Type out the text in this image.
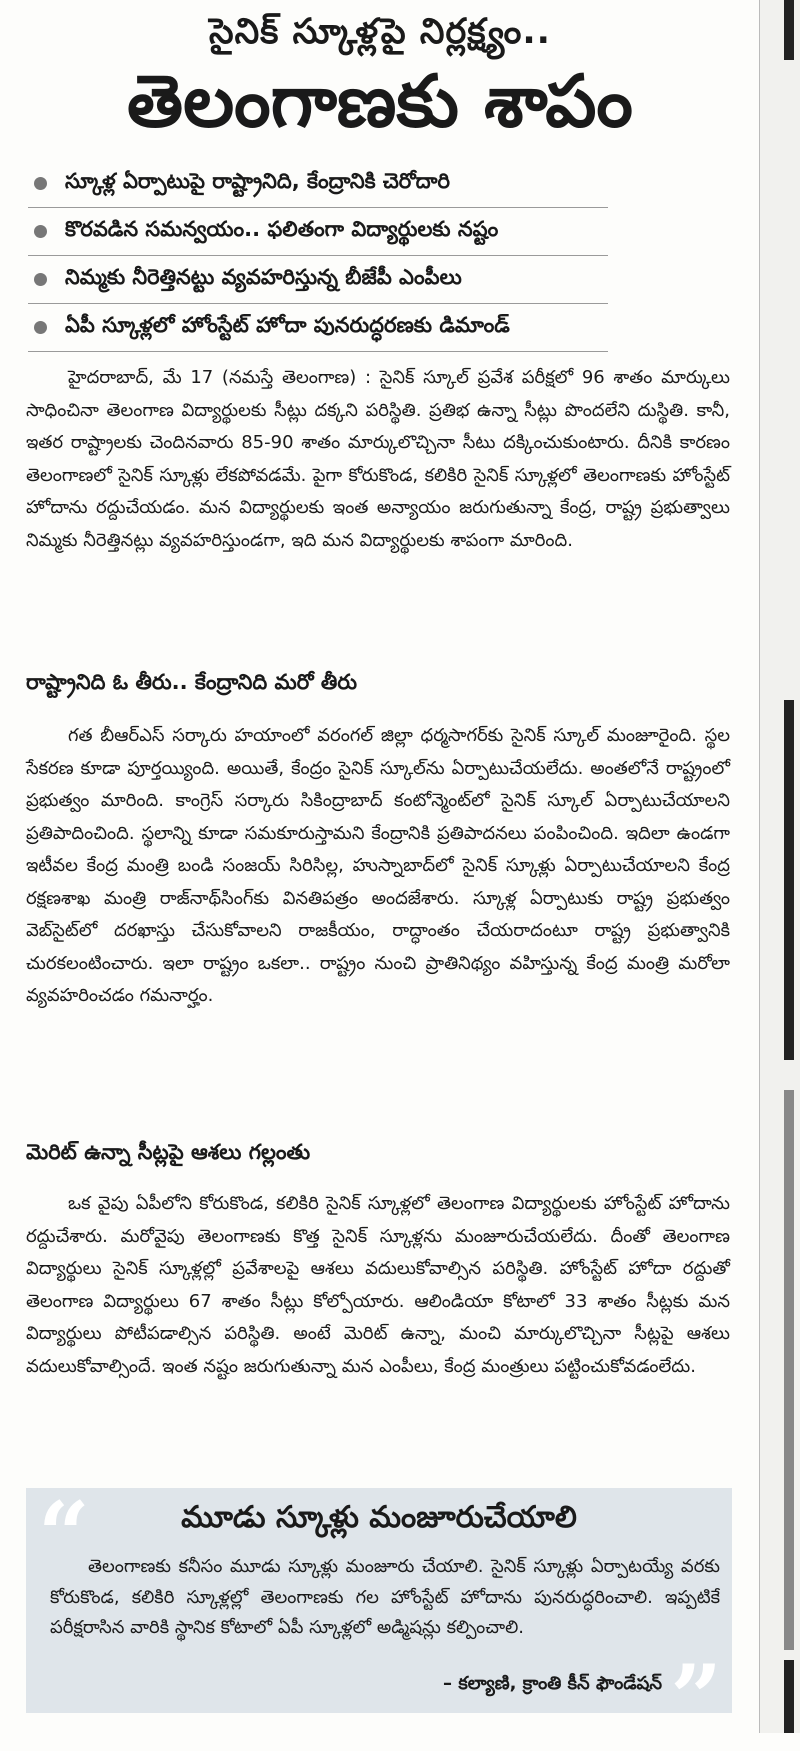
సైనిక్‌ స్కూళ్లపై నిర్లక్ష్యం..
తెలంగాణకు శాపం
స్కూళ్ల ఏర్పాటుపై రాష్ట్రానిది, కేంద్రానికి చెరోదారి
కొరవడిన సమన్వయం.. ఫలితంగా విద్యార్థులకు నష్టం
నిమ్మకు నీరెత్తినట్టు వ్యవహరిస్తున్న బీజేపీ ఎంపీలు
ఏపీ స్కూళ్లలో హోంస్టేట్‌ హోదా పునరుద్ధరణకు డిమాండ్‌

హైదరాబాద్‌, మే 17 (నమస్తే తెలంగాణ) : సైనిక్‌ స్కూల్‌ ప్రవేశ పరీక్షలో 96 శాతం మార్కులు సాధించినా తెలంగాణ విద్యార్థులకు సీట్లు దక్కని పరిస్థితి. ప్రతిభ ఉన్నా సీట్లు పొందలేని దుస్థితి. కానీ, ఇతర రాష్ట్రాలకు చెందినవారు 85-90 శాతం మార్కులొచ్చినా సీటు దక్కించుకుంటారు. దీనికి కారణం తెలంగాణలో సైనిక్‌ స్కూళ్లు లేకపోవడమే. పైగా కోరుకొండ, కలికిరి సైనిక్‌ స్కూళ్లలో తెలంగాణకు హోంస్టేట్‌ హోదాను రద్దుచేయడం. మన విద్యార్థులకు ఇంత అన్యాయం జరుగుతున్నా కేంద్ర, రాష్ట్ర ప్రభుత్వాలు నిమ్మకు నీరెత్తినట్లు వ్యవహరిస్తుండగా, ఇది మన విద్యార్థులకు శాపంగా మారింది.

రాష్ట్రానిది ఓ తీరు.. కేంద్రానిది మరో తీరు

గత బీఆర్‌ఎస్‌ సర్కారు హయాంలో వరంగల్‌ జిల్లా ధర్మసాగర్‌కు సైనిక్‌ స్కూల్‌ మంజూరైంది. స్థల సేకరణ కూడా పూర్తయ్యింది. అయితే, కేంద్రం సైనిక్‌ స్కూల్‌ను ఏర్పాటుచేయలేదు. అంతలోనే రాష్ట్రంలో ప్రభుత్వం మారింది. కాంగ్రెస్‌ సర్కారు సికింద్రాబాద్‌ కంటోన్మెంట్‌లో సైనిక్‌ స్కూల్‌ ఏర్పాటుచేయాలని ప్రతిపాదించింది. స్థలాన్ని కూడా సమకూరుస్తామని కేంద్రానికి ప్రతిపాదనలు పంపించింది. ఇదిలా ఉండగా ఇటీవల కేంద్ర మంత్రి బండి సంజయ్‌ సిరిసిల్ల, హుస్నాబాద్‌లో సైనిక్‌ స్కూళ్లు ఏర్పాటుచేయాలని కేంద్ర రక్షణశాఖ మంత్రి రాజ్‌నాథ్‌సింగ్‌కు వినతిపత్రం అందజేశారు. స్కూళ్ల ఏర్పాటుకు రాష్ట్ర ప్రభుత్వం వెబ్‌సైట్‌లో దరఖాస్తు చేసుకోవాలని రాజకీయం, రాద్ధాంతం చేయరాదంటూ రాష్ట్ర ప్రభుత్వానికి చురకలంటించారు. ఇలా రాష్ట్రం ఒకలా.. రాష్ట్రం నుంచి ప్రాతినిథ్యం వహిస్తున్న కేంద్ర మంత్రి మరోలా వ్యవహరించడం గమనార్హం.

మెరిట్‌ ఉన్నా సీట్లపై ఆశలు గల్లంతు

ఒక వైపు ఏపీలోని కోరుకొండ, కలికిరి సైనిక్‌ స్కూళ్లలో తెలంగాణ విద్యార్థులకు హోంస్టేట్‌ హోదాను రద్దుచేశారు. మరోవైపు తెలంగాణకు కొత్త సైనిక్‌ స్కూళ్లను మంజూరుచేయలేదు. దీంతో తెలంగాణ విద్యార్థులు సైనిక్‌ స్కూళ్లల్లో ప్రవేశాలపై ఆశలు వదులుకోవాల్సిన పరిస్థితి. హోంస్టేట్‌ హోదా రద్దుతో తెలంగాణ విద్యార్థులు 67 శాతం సీట్లు కోల్పోయారు. ఆలిండియా కోటాలో 33 శాతం సీట్లకు మన విద్యార్థులు పోటీపడాల్సిన పరిస్థితి. అంటే మెరిట్‌ ఉన్నా, మంచి మార్కులొచ్చినా సీట్లపై ఆశలు వదులుకోవాల్సిందే. ఇంత నష్టం జరుగుతున్నా మన ఎంపీలు, కేంద్ర మంత్రులు పట్టించుకోవడంలేదు.

“
”
మూడు స్కూళ్లు మంజూరుచేయాలి

తెలంగాణకు కనీసం మూడు స్కూళ్లు మంజూరు చేయాలి. సైనిక్‌ స్కూళ్లు ఏర్పాటయ్యే వరకు కోరుకొండ, కలికిరి స్కూళ్లల్లో తెలంగాణకు గల హోంస్టేట్‌ హోదాను పునరుద్ధరించాలి. ఇప్పటికే పరీక్షరాసిన వారికి స్థానిక కోటాలో ఏపీ స్కూళ్లలో అడ్మిషన్లు కల్పించాలి.

– కల్యాణి, క్రాంతి కీన్‌ ఫౌండేషన్‌
